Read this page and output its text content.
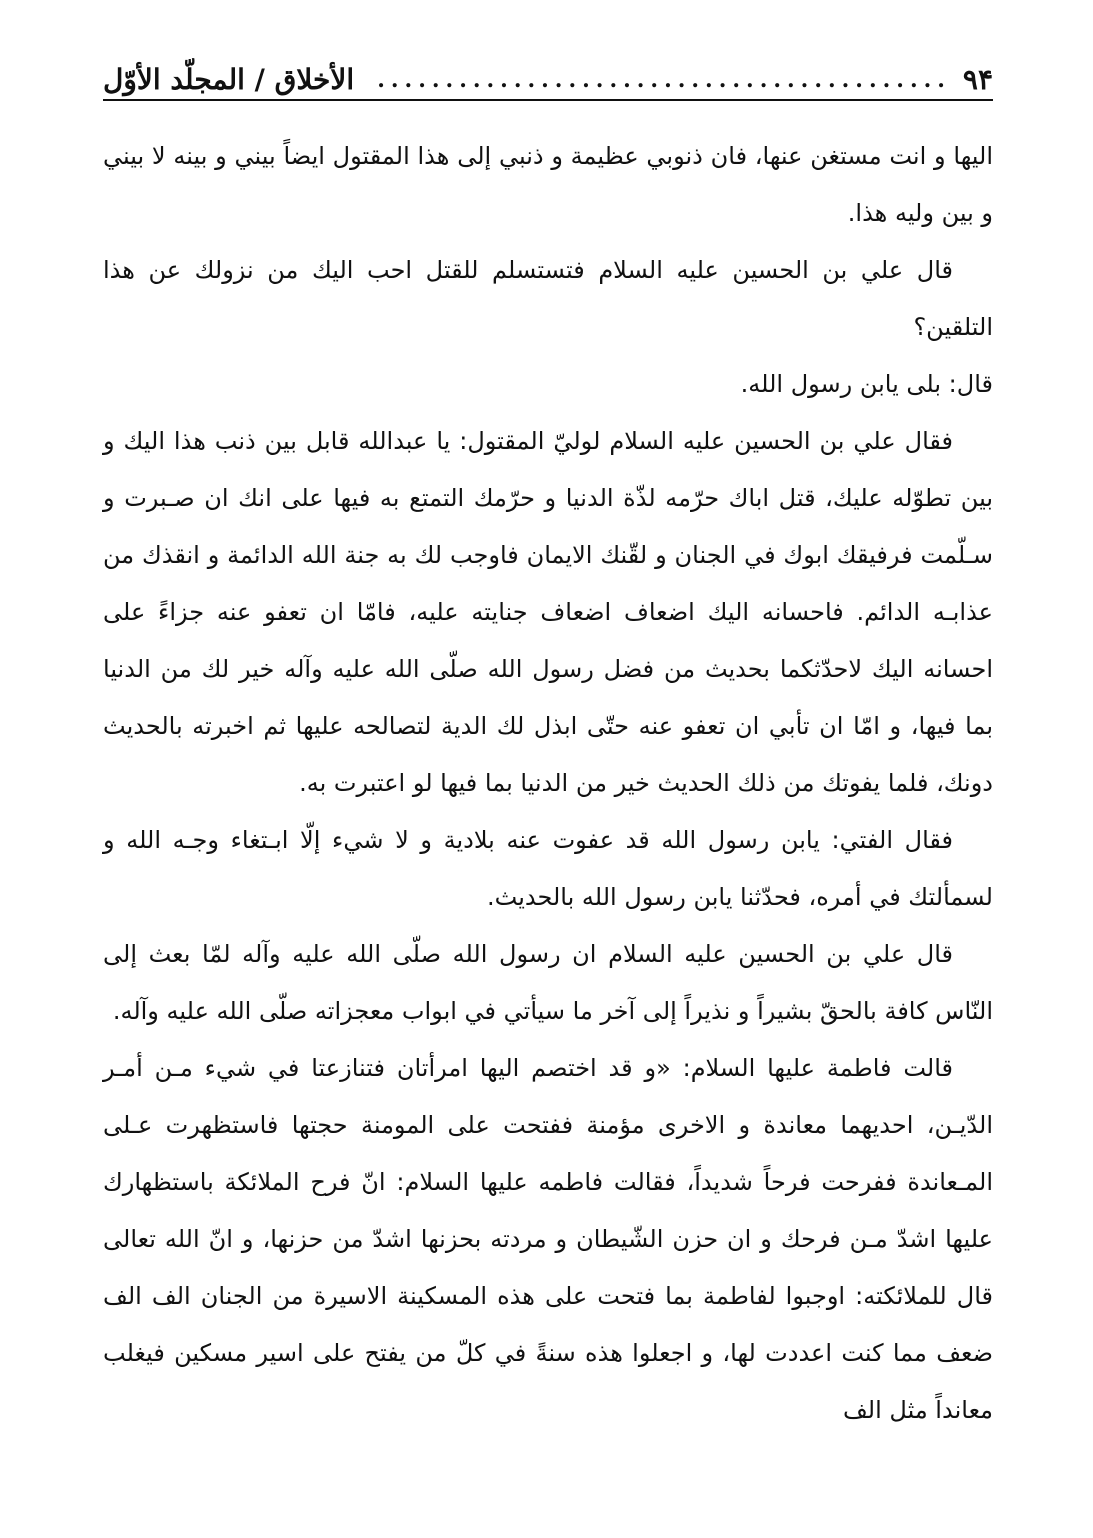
٩۴
..........................................
الأخلاق / المجلّد الأوّل

اليها و انت مستغن عنها، فان ذنوبي عظيمة و ذنبي إلى هذا المقتول ايضاً بيني و بينه لا بيني و بين وليه هذا.

قال علي بن الحسين عليه السلام فتستسلم للقتل احب اليك من نزولك عن هذا التلقين؟

قال: بلى يابن رسول الله.

فقال علي بن الحسين عليه السلام لوليّ المقتول: يا عبدالله قابل بين ذنب هذا اليك و بين تطوّله عليك، قتل اباك حرّمه لذّة الدنيا و حرّمك التمتع به فيها على انك ان صـبرت و سـلّمت فرفيقك ابوك في الجنان و لقّنك الايمان فاوجب لك به جنة الله الدائمة و انقذك من عذابـه الدائم. فاحسانه اليك اضعاف اضعاف جنايته عليه، فامّا ان تعفو عنه جزاءً على احسانه اليك لاحدّثكما بحديث من فضل رسول الله صلّى الله عليه وآله خير لك من الدنيا بما فيها، و امّا ان تأبي ان تعفو عنه حتّى ابذل لك الدية لتصالحه عليها ثم اخبرته بالحديث دونك، فلما يفوتك من ذلك الحديث خير من الدنيا بما فيها لو اعتبرت به.

فقال الفتي: يابن رسول الله قد عفوت عنه بلادية و لا شيء إلّا ابـتغاء وجـه الله و لسمألتك في أمره، فحدّثنا يابن رسول الله بالحديث.

قال علي بن الحسين عليه السلام ان رسول الله صلّى الله عليه وآله لمّا بعث إلى النّاس كافة بالحقّ بشيراً و نذيراً إلى آخر ما سيأتي في ابواب معجزاته صلّى الله عليه وآله.

قالت فاطمة عليها السلام: «و قد اختصم اليها امرأتان فتنازعتا في شيء مـن أمـر الدّيـن، احديهما معاندة و الاخرى مؤمنة ففتحت على المومنة حجتها فاستظهرت عـلى المـعاندة ففرحت فرحاً شديداً، فقالت فاطمه عليها السلام: انّ فرح الملائكة باستظهارك عليها اشدّ مـن فرحك و ان حزن الشّيطان و مردته بحزنها اشدّ من حزنها، و انّ الله تعالى قال للملائكته: اوجبوا لفاطمة بما فتحت على هذه المسكينة الاسيرة من الجنان الف الف ضعف مما كنت اعددت لها، و اجعلوا هذه سنةً في كلّ من يفتح على اسير مسكين فيغلب معانداً مثل الف
